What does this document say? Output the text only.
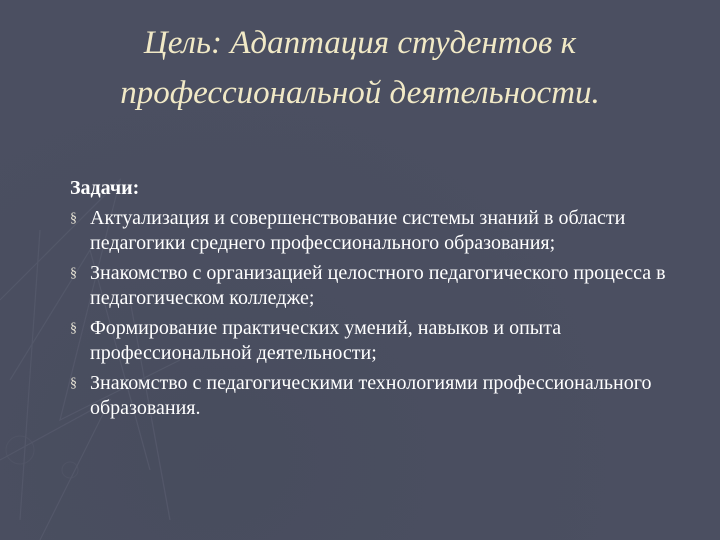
Цель: Адаптация студентов к профессиональной деятельности.
Задачи:
§ Актуализация и совершенствование системы знаний в области педагогики среднего профессионального образования;
§ Знакомство с организацией целостного педагогического процесса в педагогическом колледже;
§ Формирование практических умений, навыков и опыта профессиональной деятельности;
§ Знакомство с педагогическими технологиями профессионального образования.
